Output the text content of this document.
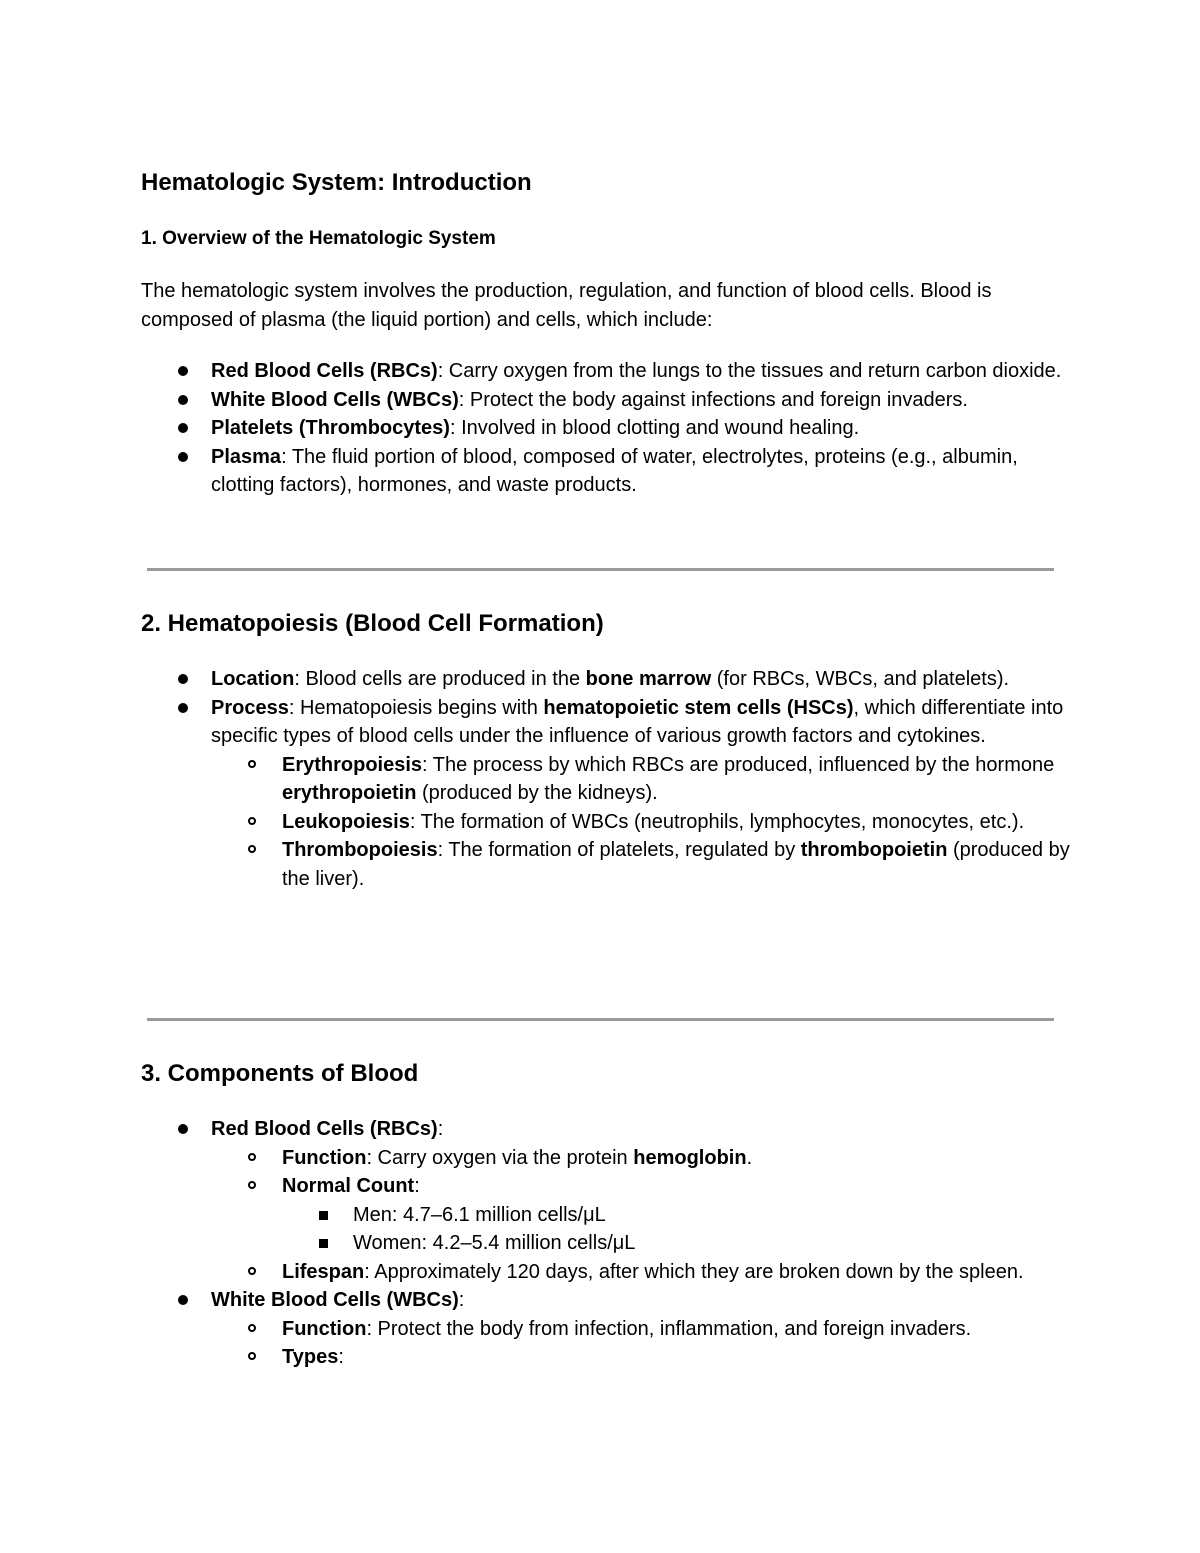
Hematologic System: Introduction
1. Overview of the Hematologic System
The hematologic system involves the production, regulation, and function of blood cells. Blood is composed of plasma (the liquid portion) and cells, which include:
Red Blood Cells (RBCs): Carry oxygen from the lungs to the tissues and return carbon dioxide.
White Blood Cells (WBCs): Protect the body against infections and foreign invaders.
Platelets (Thrombocytes): Involved in blood clotting and wound healing.
Plasma: The fluid portion of blood, composed of water, electrolytes, proteins (e.g., albumin, clotting factors), hormones, and waste products.
2. Hematopoiesis (Blood Cell Formation)
Location: Blood cells are produced in the bone marrow (for RBCs, WBCs, and platelets).
Process: Hematopoiesis begins with hematopoietic stem cells (HSCs), which differentiate into specific types of blood cells under the influence of various growth factors and cytokines.
Erythropoiesis: The process by which RBCs are produced, influenced by the hormone erythropoietin (produced by the kidneys).
Leukopoiesis: The formation of WBCs (neutrophils, lymphocytes, monocytes, etc.).
Thrombopoiesis: The formation of platelets, regulated by thrombopoietin (produced by the liver).
3. Components of Blood
Red Blood Cells (RBCs):
Function: Carry oxygen via the protein hemoglobin.
Normal Count:
Men: 4.7–6.1 million cells/μL
Women: 4.2–5.4 million cells/μL
Lifespan: Approximately 120 days, after which they are broken down by the spleen.
White Blood Cells (WBCs):
Function: Protect the body from infection, inflammation, and foreign invaders.
Types:
